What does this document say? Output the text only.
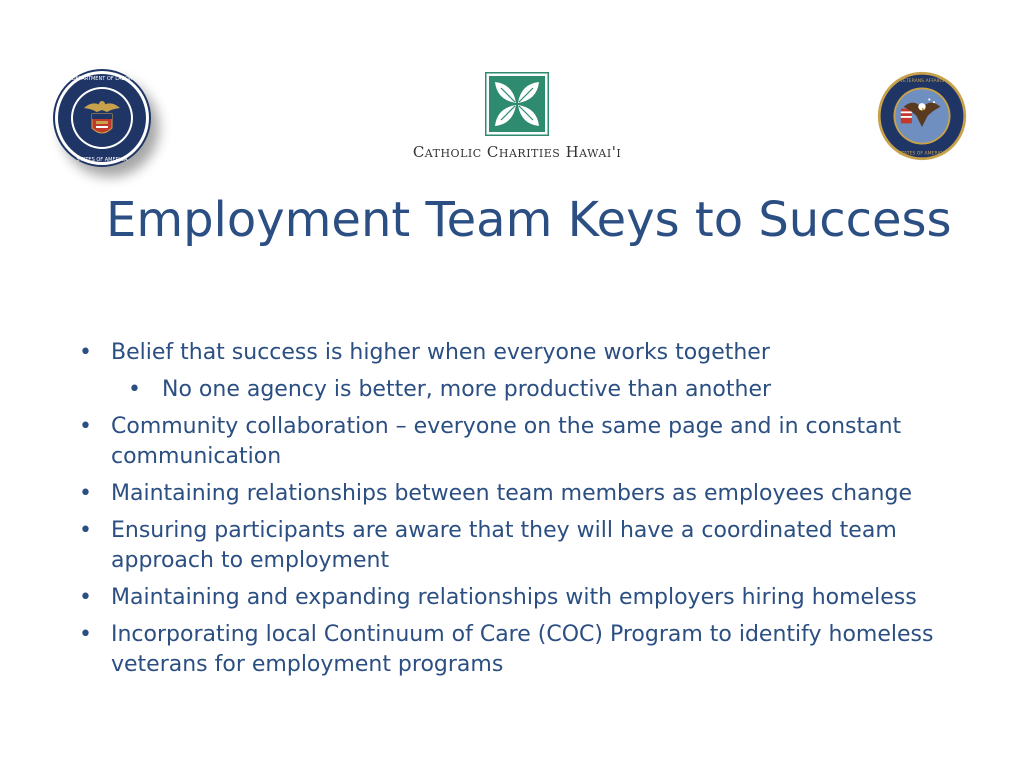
DEPARTMENT OF LABOR
STATES OF AMERICA	Catholic Charities Hawai'i
VETERANS AFFAIRS
STATES OF AMERICA
Employment Team Keys to Success
• Belief that success is higher when everyone works together
• No one agency is better, more productive than another
• Community collaboration – everyone on the same page and in constant communication
• Maintaining relationships between team members as employees change
• Ensuring participants are aware that they will have a coordinated team approach to employment
• Maintaining and expanding relationships with employers hiring homeless
• Incorporating local Continuum of Care (COC) Program to identify homeless veterans for employment programs
